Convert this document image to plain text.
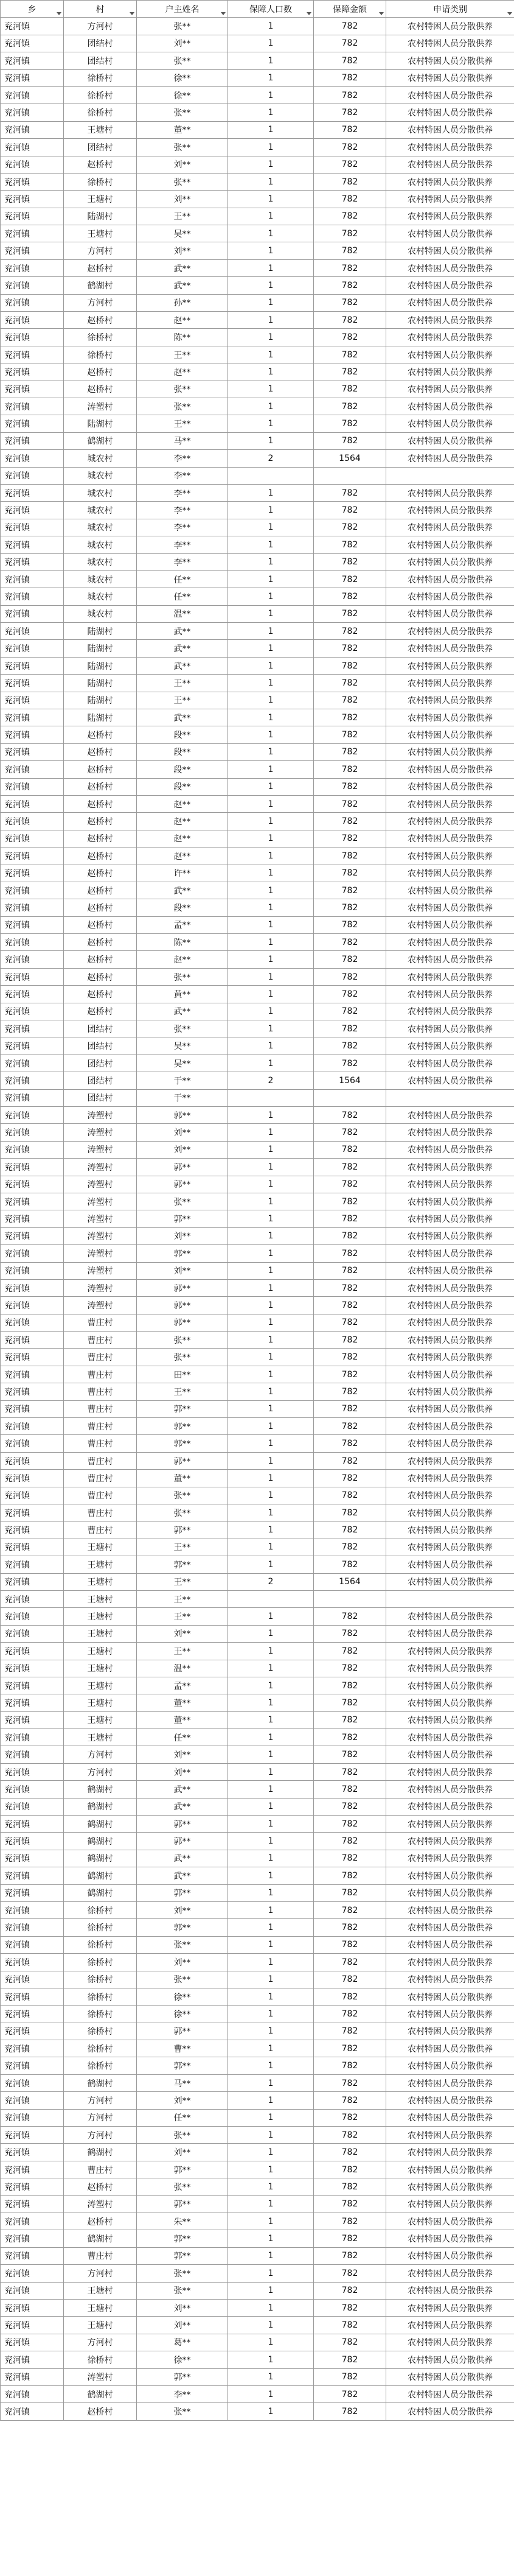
乡	村	户主姓名	保障人口数	保障金额	申请类别

兖河镇	方河村	张**	1	782	农村特困人员分散供养
兖河镇	团结村	刘**	1	782	农村特困人员分散供养
兖河镇	团结村	张**	1	782	农村特困人员分散供养
兖河镇	徐桥村	徐**	1	782	农村特困人员分散供养
兖河镇	徐桥村	徐**	1	782	农村特困人员分散供养
兖河镇	徐桥村	张**	1	782	农村特困人员分散供养
兖河镇	王塘村	董**	1	782	农村特困人员分散供养
兖河镇	团结村	张**	1	782	农村特困人员分散供养
兖河镇	赵桥村	刘**	1	782	农村特困人员分散供养
兖河镇	徐桥村	张**	1	782	农村特困人员分散供养
兖河镇	王塘村	刘**	1	782	农村特困人员分散供养
兖河镇	陆湖村	王**	1	782	农村特困人员分散供养
兖河镇	王塘村	吴**	1	782	农村特困人员分散供养
兖河镇	方河村	刘**	1	782	农村特困人员分散供养
兖河镇	赵桥村	武**	1	782	农村特困人员分散供养
兖河镇	鹤湖村	武**	1	782	农村特困人员分散供养
兖河镇	方河村	孙**	1	782	农村特困人员分散供养
兖河镇	赵桥村	赵**	1	782	农村特困人员分散供养
兖河镇	徐桥村	陈**	1	782	农村特困人员分散供养
兖河镇	徐桥村	王**	1	782	农村特困人员分散供养
兖河镇	赵桥村	赵**	1	782	农村特困人员分散供养
兖河镇	赵桥村	张**	1	782	农村特困人员分散供养
兖河镇	涛塑村	张**	1	782	农村特困人员分散供养
兖河镇	陆湖村	王**	1	782	农村特困人员分散供养
兖河镇	鹤湖村	马**	1	782	农村特困人员分散供养
兖河镇	城农村	李**	2	1564	农村特困人员分散供养
兖河镇	城农村	李**			
兖河镇	城农村	李**	1	782	农村特困人员分散供养
兖河镇	城农村	李**	1	782	农村特困人员分散供养
兖河镇	城农村	李**	1	782	农村特困人员分散供养
兖河镇	城农村	李**	1	782	农村特困人员分散供养
兖河镇	城农村	李**	1	782	农村特困人员分散供养
兖河镇	城农村	任**	1	782	农村特困人员分散供养
兖河镇	城农村	任**	1	782	农村特困人员分散供养
兖河镇	城农村	温**	1	782	农村特困人员分散供养
兖河镇	陆湖村	武**	1	782	农村特困人员分散供养
兖河镇	陆湖村	武**	1	782	农村特困人员分散供养
兖河镇	陆湖村	武**	1	782	农村特困人员分散供养
兖河镇	陆湖村	王**	1	782	农村特困人员分散供养
兖河镇	陆湖村	王**	1	782	农村特困人员分散供养
兖河镇	陆湖村	武**	1	782	农村特困人员分散供养
兖河镇	赵桥村	段**	1	782	农村特困人员分散供养
兖河镇	赵桥村	段**	1	782	农村特困人员分散供养
兖河镇	赵桥村	段**	1	782	农村特困人员分散供养
兖河镇	赵桥村	段**	1	782	农村特困人员分散供养
兖河镇	赵桥村	赵**	1	782	农村特困人员分散供养
兖河镇	赵桥村	赵**	1	782	农村特困人员分散供养
兖河镇	赵桥村	赵**	1	782	农村特困人员分散供养
兖河镇	赵桥村	赵**	1	782	农村特困人员分散供养
兖河镇	赵桥村	许**	1	782	农村特困人员分散供养
兖河镇	赵桥村	武**	1	782	农村特困人员分散供养
兖河镇	赵桥村	段**	1	782	农村特困人员分散供养
兖河镇	赵桥村	孟**	1	782	农村特困人员分散供养
兖河镇	赵桥村	陈**	1	782	农村特困人员分散供养
兖河镇	赵桥村	赵**	1	782	农村特困人员分散供养
兖河镇	赵桥村	张**	1	782	农村特困人员分散供养
兖河镇	赵桥村	黄**	1	782	农村特困人员分散供养
兖河镇	赵桥村	武**	1	782	农村特困人员分散供养
兖河镇	团结村	张**	1	782	农村特困人员分散供养
兖河镇	团结村	吴**	1	782	农村特困人员分散供养
兖河镇	团结村	吴**	1	782	农村特困人员分散供养
兖河镇	团结村	于**	2	1564	农村特困人员分散供养
兖河镇	团结村	于**			
兖河镇	涛塑村	郭**	1	782	农村特困人员分散供养
兖河镇	涛塑村	刘**	1	782	农村特困人员分散供养
兖河镇	涛塑村	刘**	1	782	农村特困人员分散供养
兖河镇	涛塑村	郭**	1	782	农村特困人员分散供养
兖河镇	涛塑村	郭**	1	782	农村特困人员分散供养
兖河镇	涛塑村	张**	1	782	农村特困人员分散供养
兖河镇	涛塑村	郭**	1	782	农村特困人员分散供养
兖河镇	涛塑村	刘**	1	782	农村特困人员分散供养
兖河镇	涛塑村	郭**	1	782	农村特困人员分散供养
兖河镇	涛塑村	刘**	1	782	农村特困人员分散供养
兖河镇	涛塑村	郭**	1	782	农村特困人员分散供养
兖河镇	涛塑村	郭**	1	782	农村特困人员分散供养
兖河镇	曹庄村	郭**	1	782	农村特困人员分散供养
兖河镇	曹庄村	张**	1	782	农村特困人员分散供养
兖河镇	曹庄村	张**	1	782	农村特困人员分散供养
兖河镇	曹庄村	田**	1	782	农村特困人员分散供养
兖河镇	曹庄村	王**	1	782	农村特困人员分散供养
兖河镇	曹庄村	郭**	1	782	农村特困人员分散供养
兖河镇	曹庄村	郭**	1	782	农村特困人员分散供养
兖河镇	曹庄村	郭**	1	782	农村特困人员分散供养
兖河镇	曹庄村	郭**	1	782	农村特困人员分散供养
兖河镇	曹庄村	董**	1	782	农村特困人员分散供养
兖河镇	曹庄村	张**	1	782	农村特困人员分散供养
兖河镇	曹庄村	张**	1	782	农村特困人员分散供养
兖河镇	曹庄村	郭**	1	782	农村特困人员分散供养
兖河镇	王塘村	王**	1	782	农村特困人员分散供养
兖河镇	王塘村	郭**	1	782	农村特困人员分散供养
兖河镇	王塘村	王**	2	1564	农村特困人员分散供养
兖河镇	王塘村	王**			
兖河镇	王塘村	王**	1	782	农村特困人员分散供养
兖河镇	王塘村	刘**	1	782	农村特困人员分散供养
兖河镇	王塘村	王**	1	782	农村特困人员分散供养
兖河镇	王塘村	温**	1	782	农村特困人员分散供养
兖河镇	王塘村	孟**	1	782	农村特困人员分散供养
兖河镇	王塘村	董**	1	782	农村特困人员分散供养
兖河镇	王塘村	董**	1	782	农村特困人员分散供养
兖河镇	王塘村	任**	1	782	农村特困人员分散供养
兖河镇	方河村	刘**	1	782	农村特困人员分散供养
兖河镇	方河村	刘**	1	782	农村特困人员分散供养
兖河镇	鹤湖村	武**	1	782	农村特困人员分散供养
兖河镇	鹤湖村	武**	1	782	农村特困人员分散供养
兖河镇	鹤湖村	郭**	1	782	农村特困人员分散供养
兖河镇	鹤湖村	郭**	1	782	农村特困人员分散供养
兖河镇	鹤湖村	武**	1	782	农村特困人员分散供养
兖河镇	鹤湖村	武**	1	782	农村特困人员分散供养
兖河镇	鹤湖村	郭**	1	782	农村特困人员分散供养
兖河镇	徐桥村	刘**	1	782	农村特困人员分散供养
兖河镇	徐桥村	郭**	1	782	农村特困人员分散供养
兖河镇	徐桥村	张**	1	782	农村特困人员分散供养
兖河镇	徐桥村	刘**	1	782	农村特困人员分散供养
兖河镇	徐桥村	张**	1	782	农村特困人员分散供养
兖河镇	徐桥村	徐**	1	782	农村特困人员分散供养
兖河镇	徐桥村	徐**	1	782	农村特困人员分散供养
兖河镇	徐桥村	郭**	1	782	农村特困人员分散供养
兖河镇	徐桥村	曹**	1	782	农村特困人员分散供养
兖河镇	徐桥村	郭**	1	782	农村特困人员分散供养
兖河镇	鹤湖村	马**	1	782	农村特困人员分散供养
兖河镇	方河村	刘**	1	782	农村特困人员分散供养
兖河镇	方河村	任**	1	782	农村特困人员分散供养
兖河镇	方河村	张**	1	782	农村特困人员分散供养
兖河镇	鹤湖村	刘**	1	782	农村特困人员分散供养
兖河镇	曹庄村	郭**	1	782	农村特困人员分散供养
兖河镇	赵桥村	张**	1	782	农村特困人员分散供养
兖河镇	涛塑村	郭**	1	782	农村特困人员分散供养
兖河镇	赵桥村	朱**	1	782	农村特困人员分散供养
兖河镇	鹤湖村	郭**	1	782	农村特困人员分散供养
兖河镇	曹庄村	郭**	1	782	农村特困人员分散供养
兖河镇	方河村	张**	1	782	农村特困人员分散供养
兖河镇	王塘村	张**	1	782	农村特困人员分散供养
兖河镇	王塘村	刘**	1	782	农村特困人员分散供养
兖河镇	王塘村	刘**	1	782	农村特困人员分散供养
兖河镇	方河村	葛**	1	782	农村特困人员分散供养
兖河镇	徐桥村	徐**	1	782	农村特困人员分散供养
兖河镇	涛塑村	郭**	1	782	农村特困人员分散供养
兖河镇	鹤湖村	李**	1	782	农村特困人员分散供养
兖河镇	赵桥村	张**	1	782	农村特困人员分散供养
